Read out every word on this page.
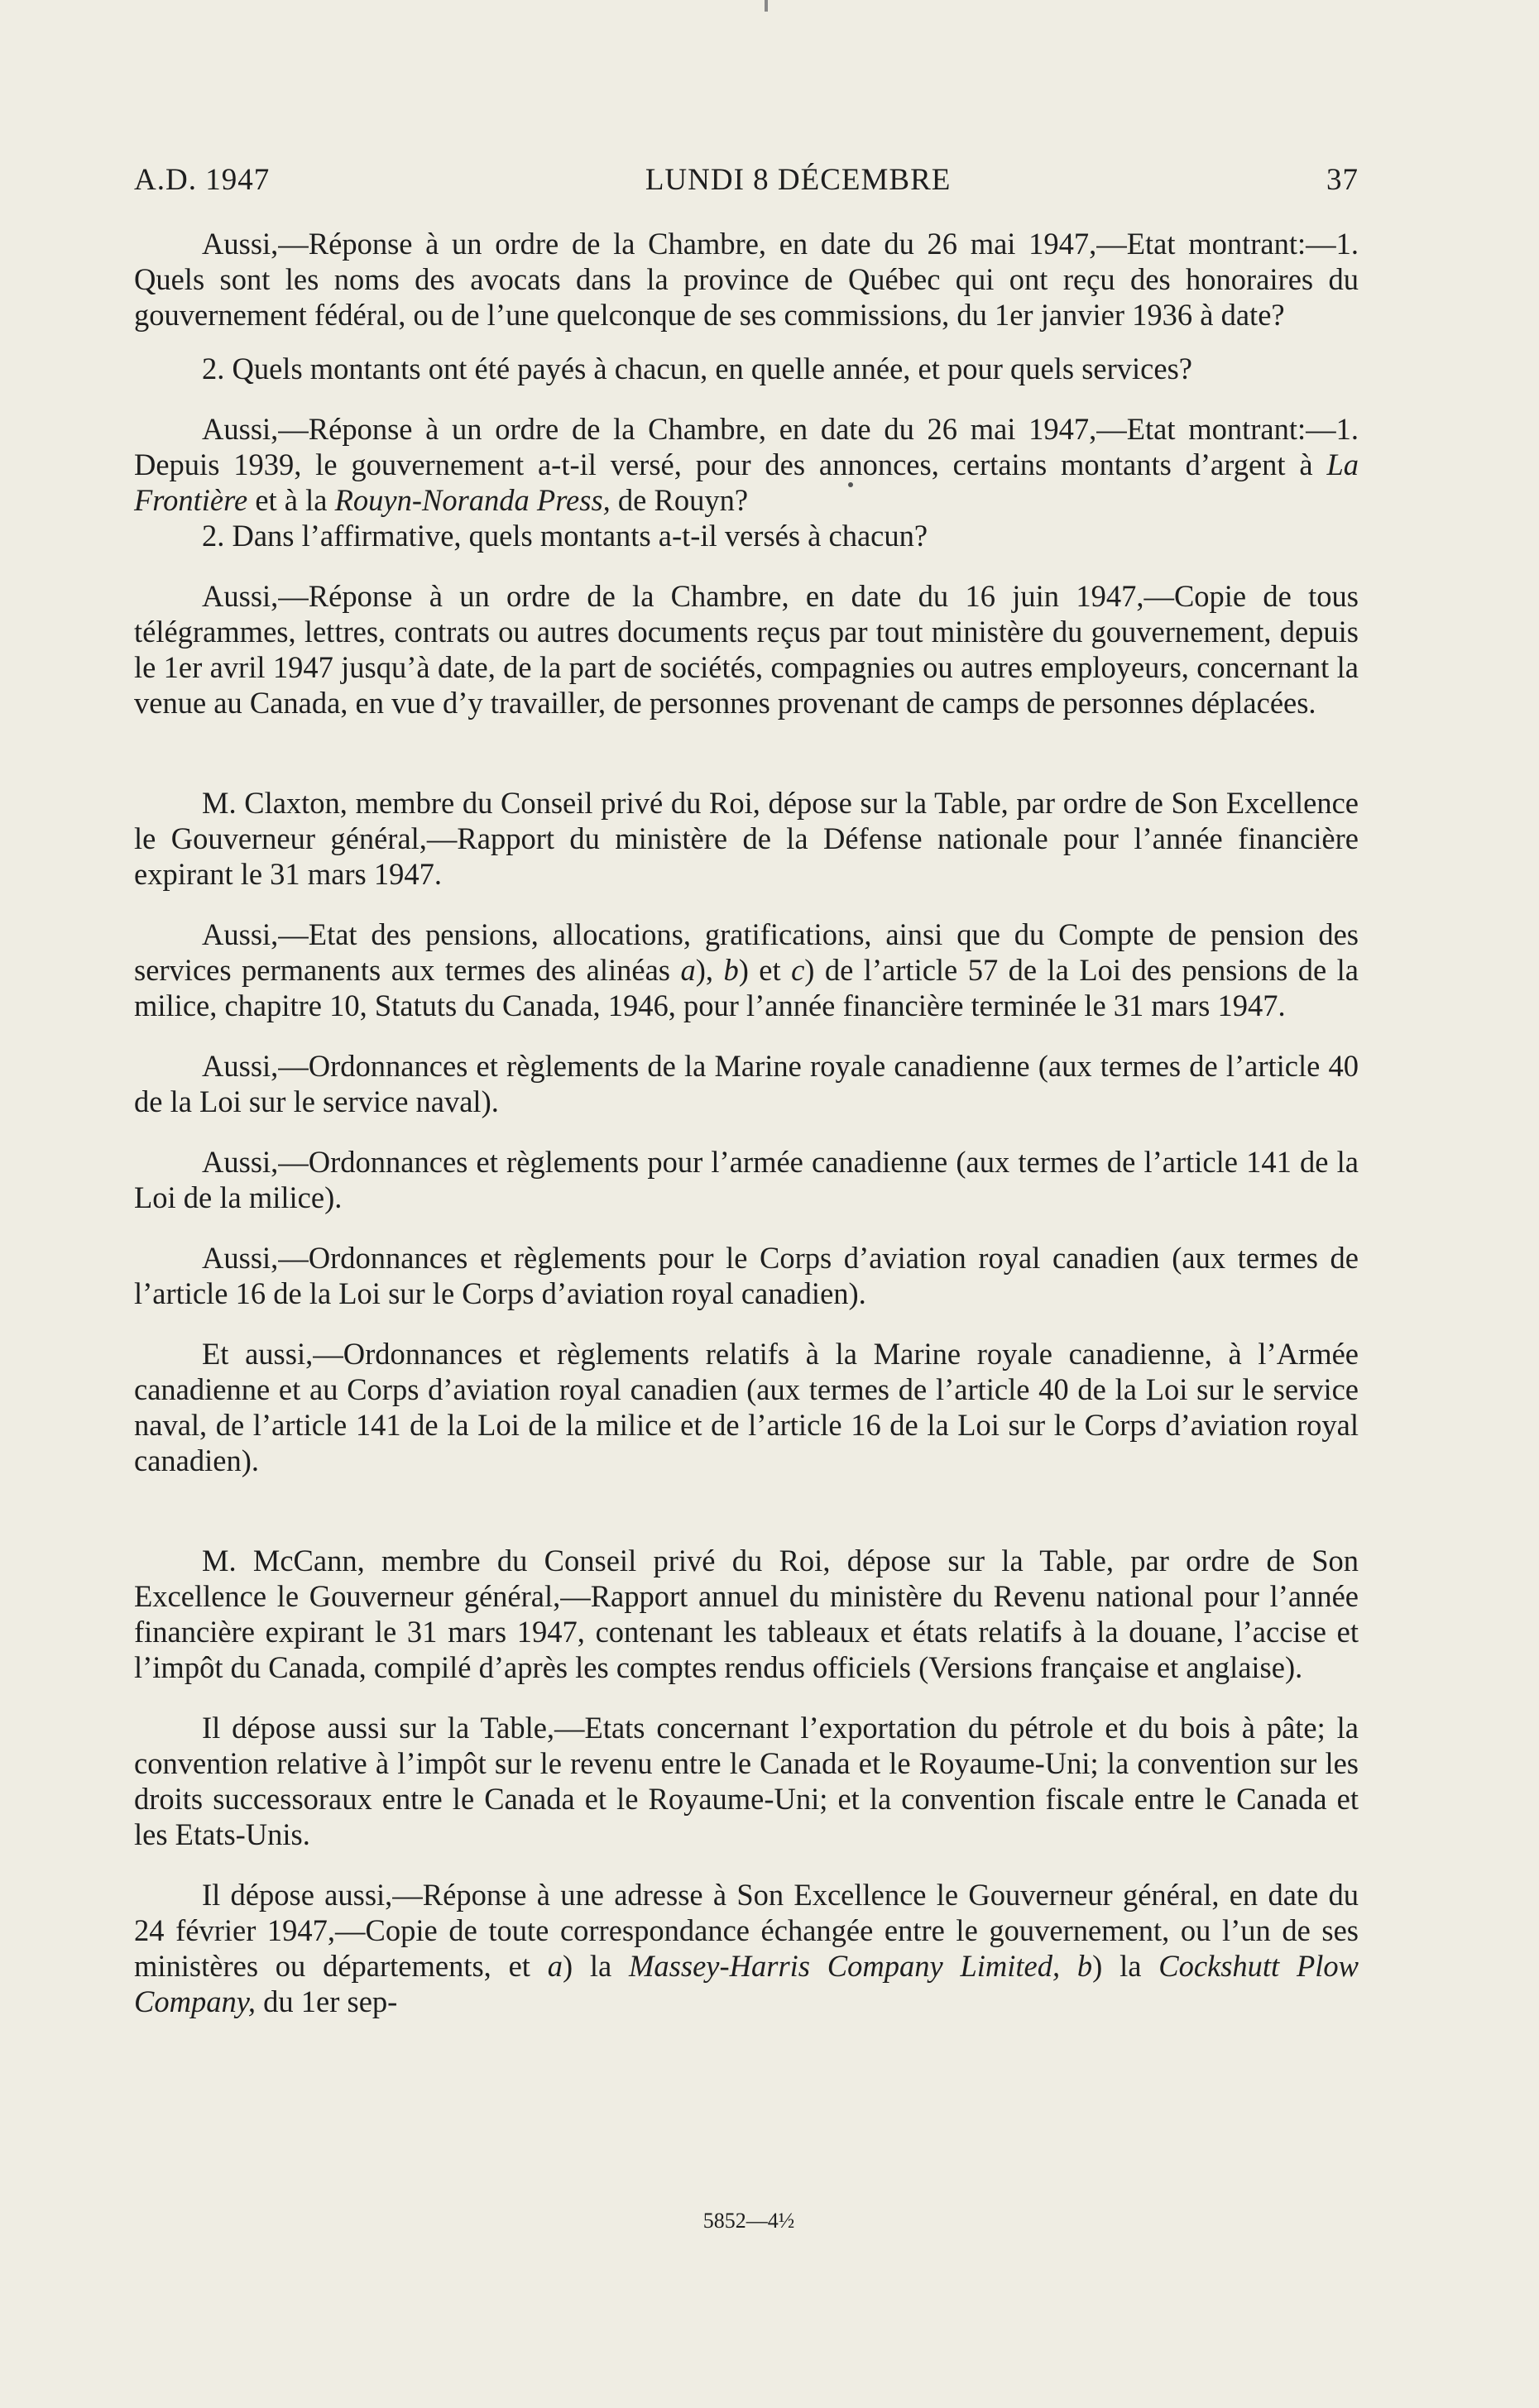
A.D. 1947	LUNDI 8 DÉCEMBRE	37

Aussi,—Réponse à un ordre de la Chambre, en date du 26 mai 1947,—Etat montrant:—1. Quels sont les noms des avocats dans la province de Québec qui ont reçu des honoraires du gouvernement fédéral, ou de l’une quelconque de ses commissions, du 1er janvier 1936 à date?

2. Quels montants ont été payés à chacun, en quelle année, et pour quels services?

Aussi,—Réponse à un ordre de la Chambre, en date du 26 mai 1947,—Etat montrant:—1. Depuis 1939, le gouvernement a-t-il versé, pour des annonces, certains montants d’argent à La Frontière et à la Rouyn-Noranda Press, de Rouyn?

2. Dans l’affirmative, quels montants a-t-il versés à chacun?

Aussi,—Réponse à un ordre de la Chambre, en date du 16 juin 1947,—Copie de tous télégrammes, lettres, contrats ou autres documents reçus par tout ministère du gouvernement, depuis le 1er avril 1947 jusqu’à date, de la part de sociétés, compagnies ou autres employeurs, concernant la venue au Canada, en vue d’y travailler, de personnes provenant de camps de personnes déplacées.

M. Claxton, membre du Conseil privé du Roi, dépose sur la Table, par ordre de Son Excellence le Gouverneur général,—Rapport du ministère de la Défense nationale pour l’année financière expirant le 31 mars 1947.

Aussi,—Etat des pensions, allocations, gratifications, ainsi que du Compte de pension des services permanents aux termes des alinéas a), b) et c) de l’article 57 de la Loi des pensions de la milice, chapitre 10, Statuts du Canada, 1946, pour l’année financière terminée le 31 mars 1947.

Aussi,—Ordonnances et règlements de la Marine royale canadienne (aux termes de l’article 40 de la Loi sur le service naval).

Aussi,—Ordonnances et règlements pour l’armée canadienne (aux termes de l’article 141 de la Loi de la milice).

Aussi,—Ordonnances et règlements pour le Corps d’aviation royal canadien (aux termes de l’article 16 de la Loi sur le Corps d’aviation royal canadien).

Et aussi,—Ordonnances et règlements relatifs à la Marine royale canadienne, à l’Armée canadienne et au Corps d’aviation royal canadien (aux termes de l’article 40 de la Loi sur le service naval, de l’article 141 de la Loi de la milice et de l’article 16 de la Loi sur le Corps d’aviation royal canadien).

M. McCann, membre du Conseil privé du Roi, dépose sur la Table, par ordre de Son Excellence le Gouverneur général,—Rapport annuel du ministère du Revenu national pour l’année financière expirant le 31 mars 1947, contenant les tableaux et états relatifs à la douane, l’accise et l’impôt du Canada, compilé d’après les comptes rendus officiels (Versions française et anglaise).

Il dépose aussi sur la Table,—Etats concernant l’exportation du pétrole et du bois à pâte; la convention relative à l’impôt sur le revenu entre le Canada et le Royaume-Uni; la convention sur les droits successoraux entre le Canada et le Royaume-Uni; et la convention fiscale entre le Canada et les Etats-Unis.

Il dépose aussi,—Réponse à une adresse à Son Excellence le Gouverneur général, en date du 24 février 1947,—Copie de toute correspondance échangée entre le gouvernement, ou l’un de ses ministères ou départements, et a) la Massey-Harris Company Limited, b) la Cockshutt Plow Company, du 1er sep-

5852—4½
